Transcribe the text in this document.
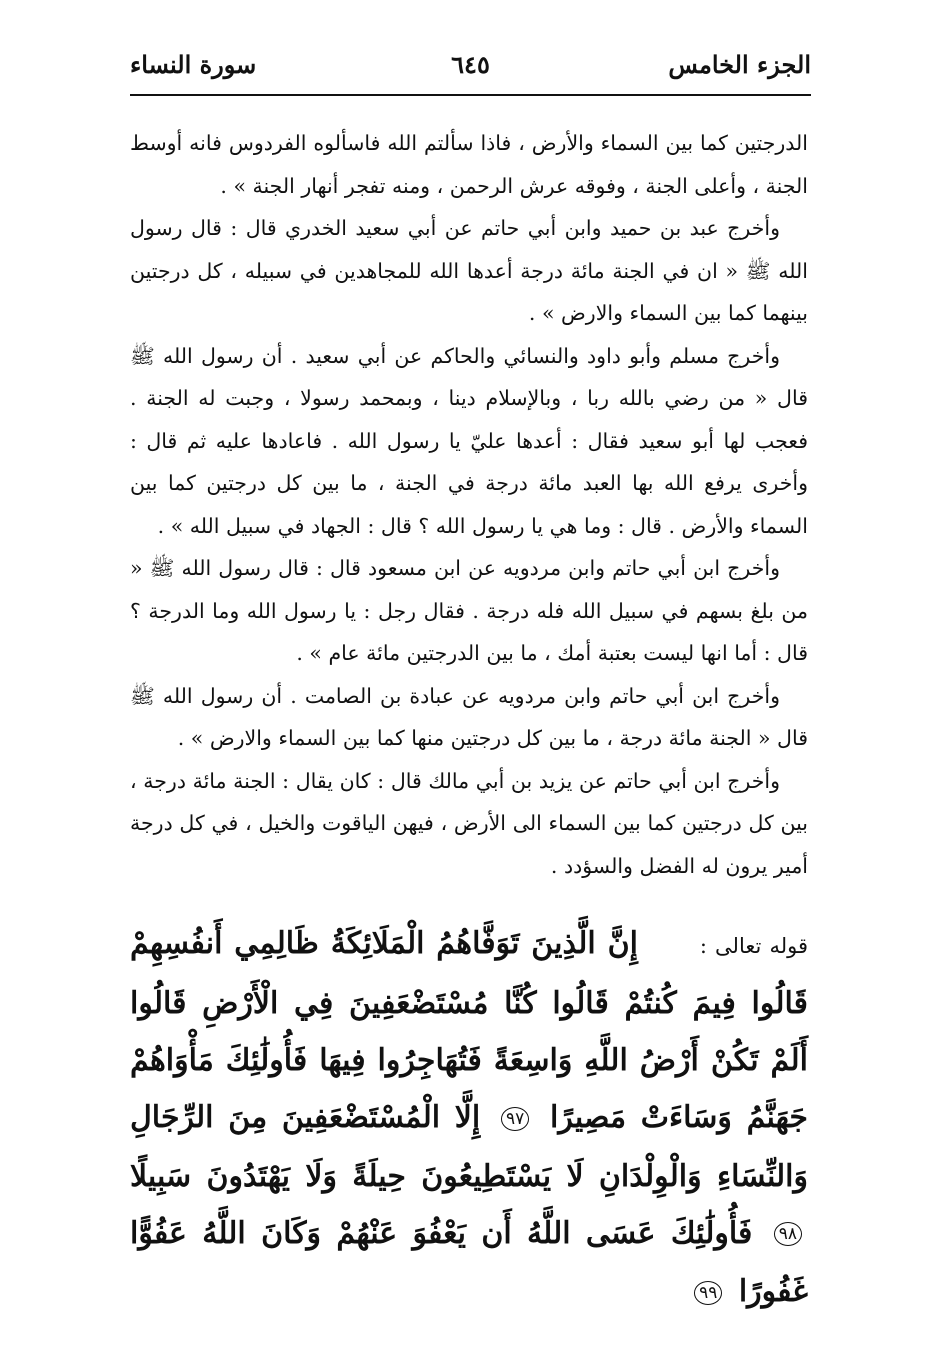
الجزء الخامس
٦٤٥
سورة النساء

الدرجتين كما بين السماء والأرض ، فاذا سألتم الله فاسألوه الفردوس فانه أوسط الجنة ، وأعلى الجنة ، وفوقه عرش الرحمن ، ومنه تفجر أنهار الجنة » .

وأخرج عبد بن حميد وابن أبي حاتم عن أبي سعيد الخدري قال : قال رسول الله ﷺ « ان في الجنة مائة درجة أعدها الله للمجاهدين في سبيله ، كل درجتين بينهما كما بين السماء والارض » .

وأخرج مسلم وأبو داود والنسائي والحاكم عن أبي سعيد . أن رسول الله ﷺ قال « من رضي بالله ربا ، وبالإسلام دينا ، وبمحمد رسولا ، وجبت له الجنة . فعجب لها أبو سعيد فقال : أعدها عليّ يا رسول الله . فاعادها عليه ثم قال : وأخرى يرفع الله بها العبد مائة درجة في الجنة ، ما بين كل درجتين كما بين السماء والأرض . قال : وما هي يا رسول الله ؟ قال : الجهاد في سبيل الله » .

وأخرج ابن أبي حاتم وابن مردويه عن ابن مسعود قال : قال رسول الله ﷺ « من بلغ بسهم في سبيل الله فله درجة . فقال رجل : يا رسول الله وما الدرجة ؟ قال : أما انها ليست بعتبة أمك ، ما بين الدرجتين مائة عام » .

وأخرج ابن أبي حاتم وابن مردويه عن عبادة بن الصامت . أن رسول الله ﷺ قال « الجنة مائة درجة ، ما بين كل درجتين منها كما بين السماء والارض » .

وأخرج ابن أبي حاتم عن يزيد بن أبي مالك قال : كان يقال : الجنة مائة درجة ، بين كل درجتين كما بين السماء الى الأرض ، فيهن الياقوت والخيل ، في كل درجة أمير يرون له الفضل والسؤدد .

قوله تعالى : إِنَّ الَّذِينَ تَوَفَّاهُمُ الْمَلَائِكَةُ ظَالِمِي أَنفُسِهِمْ قَالُوا فِيمَ كُنتُمْ قَالُوا كُنَّا مُسْتَضْعَفِينَ فِي الْأَرْضِ قَالُوا أَلَمْ تَكُنْ أَرْضُ اللَّهِ وَاسِعَةً فَتُهَاجِرُوا فِيهَا فَأُولَٰئِكَ مَأْوَاهُمْ جَهَنَّمُ وَسَاءَتْ مَصِيرًا ٩٧ إِلَّا الْمُسْتَضْعَفِينَ مِنَ الرِّجَالِ وَالنِّسَاءِ وَالْوِلْدَانِ لَا يَسْتَطِيعُونَ حِيلَةً وَلَا يَهْتَدُونَ سَبِيلًا ٩٨ فَأُولَٰئِكَ عَسَى اللَّهُ أَن يَعْفُوَ عَنْهُمْ وَكَانَ اللَّهُ عَفُوًّا غَفُورًا ٩٩
